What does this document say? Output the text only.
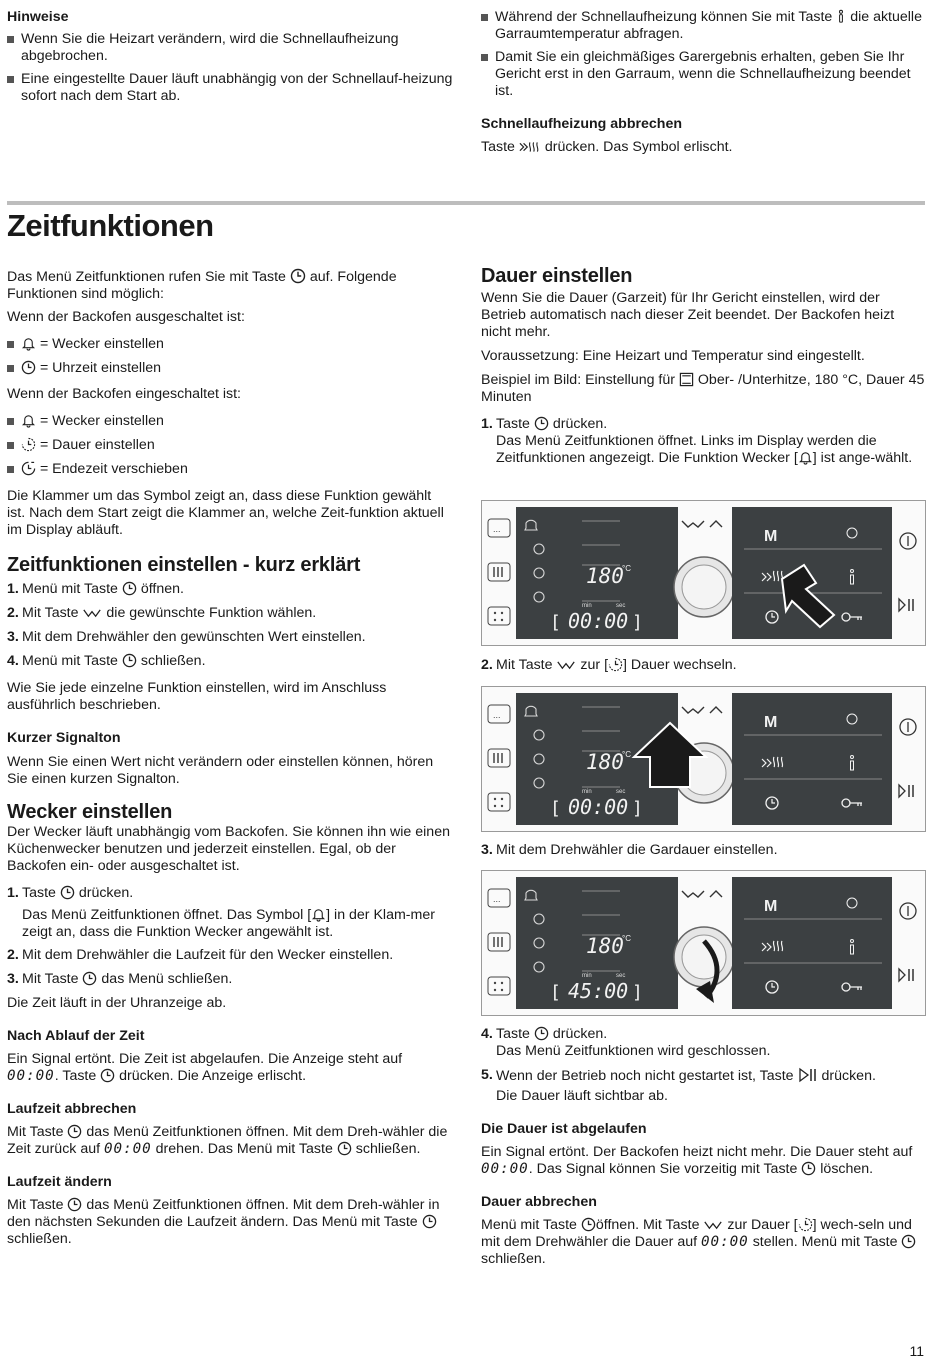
Hinweise

Wenn Sie die Heizart verändern, wird die Schnellaufheizung abgebrochen.

Eine eingestellte Dauer läuft unabhängig von der Schnellauf-heizung sofort nach dem Start ab.

Während der Schnellaufheizung können Sie mit Taste die aktuelle Garraumtemperatur abfragen.

Damit Sie ein gleichmäßiges Garergebnis erhalten, geben Sie Ihr Gericht erst in den Garraum, wenn die Schnellaufheizung beendet ist.

Schnellaufheizung abbrechen

Taste drücken. Das Symbol erlischt.

Zeitfunktionen

Das Menü Zeitfunktionen rufen Sie mit Taste auf. Folgende Funktionen sind möglich:

Wenn der Backofen ausgeschaltet ist:

= Wecker einstellen

= Uhrzeit einstellen

Wenn der Backofen eingeschaltet ist:

= Wecker einstellen

= Dauer einstellen

= Endezeit verschieben

Die Klammer um das Symbol zeigt an, dass diese Funktion gewählt ist. Nach dem Start zeigt die Klammer an, welche Zeit-funktion aktuell im Display abläuft.

Zeitfunktionen einstellen - kurz erklärt

1. Menü mit Taste öffnen.

2. Mit Taste die gewünschte Funktion wählen.

3. Mit dem Drehwähler den gewünschten Wert einstellen.

4. Menü mit Taste schließen.

Wie Sie jede einzelne Funktion einstellen, wird im Anschluss ausführlich beschrieben.

Kurzer Signalton

Wenn Sie einen Wert nicht verändern oder einstellen können, hören Sie einen kurzen Signalton.

Wecker einstellen

Der Wecker läuft unabhängig vom Backofen. Sie können ihn wie einen Küchenwecker benutzen und jederzeit einstellen. Egal, ob der Backofen ein- oder ausgeschaltet ist.

1. Taste drücken.

Das Menü Zeitfunktionen öffnet. Das Symbol [ ] in der Klam-mer zeigt an, dass die Funktion Wecker angewählt ist.

2. Mit dem Drehwähler die Laufzeit für den Wecker einstellen.

3. Mit Taste das Menü schließen.

Die Zeit läuft in der Uhranzeige ab.

Nach Ablauf der Zeit

Ein Signal ertönt. Die Zeit ist abgelaufen. Die Anzeige steht auf 00:00. Taste drücken. Die Anzeige erlischt.

Laufzeit abbrechen

Mit Taste das Menü Zeitfunktionen öffnen. Mit dem Dreh-wähler die Zeit zurück auf 00:00 drehen. Das Menü mit Taste schließen.

Laufzeit ändern

Mit Taste das Menü Zeitfunktionen öffnen. Mit dem Dreh-wähler in den nächsten Sekunden die Laufzeit ändern. Das Menü mit Taste  schließen.

Dauer einstellen

Wenn Sie die Dauer (Garzeit) für Ihr Gericht einstellen, wird der Betrieb automatisch nach dieser Zeit beendet. Der Backofen heizt nicht mehr.

Voraussetzung: Eine Heizart und Temperatur sind eingestellt.

Beispiel im Bild: Einstellung für Ober- /Unterhitze, 180 °C, Dauer 45 Minuten

1. Taste drücken.

Das Menü Zeitfunktionen öffnet. Links im Display werden die Zeitfunktionen angezeigt. Die Funktion Wecker [ ] ist ange-wählt.

2. Mit Taste zur [ ] Dauer wechseln.

3. Mit dem Drehwähler die Gardauer einstellen.

4. Taste drücken.

Das Menü Zeitfunktionen wird geschlossen.

5. Wenn der Betrieb noch nicht gestartet ist, Taste drücken.

Die Dauer läuft sichtbar ab.

Die Dauer ist abgelaufen

Ein Signal ertönt. Der Backofen heizt nicht mehr. Die Dauer steht auf 00:00. Das Signal können Sie vorzeitig mit Taste löschen.

Dauer abbrechen

Menü mit Taste öffnen. Mit Taste zur Dauer [ ] wech-seln und mit dem Drehwähler die Dauer auf 00:00 stellen. Menü mit Taste  schließen.

...
180
°C
min	sec
[ 00:00 ]
M
...
180
°C
min	sec
[ 00:00 ]
M
...
180
°C
min	sec
[ 45:00 ]
M
11
